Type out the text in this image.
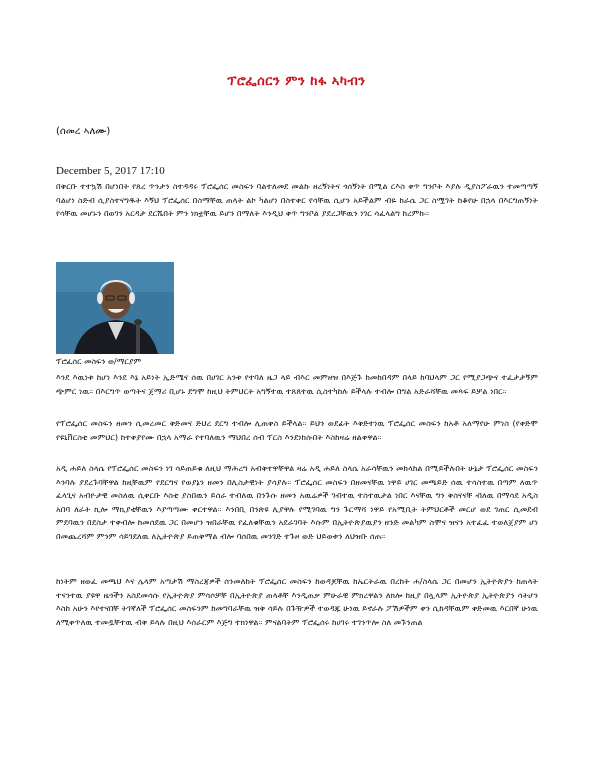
ፕሮፌሰርን ምን ከፋ ኣካብን
(ሰመረ ኣለሙ)
December 5, 2017 17:10

በቅርቡ ተተኳሽ በሆነበት የጸረ ጥንታን ስተዳዳሩ ፕሮፌሰር መስፍን ባልተለመደ መልኩ ዘረኝነትና ጎሰኝነት በሚል ርእስ ቀጥ ግንቦት እያሉ ዲያስፖራዉን ተመጣጣኝ ባልሆነ ስድብ ሲያስተናግዱት እኝህ ፕሮፌሰር በስማቸዉ ጠላት ልኮ ካልሆነ በስተቀር የሳቸዉ ሲሆን አይችልም ብዬ ከራሴ ጋር ስሟገት ከቆየሁ በኋላ በእርግጠኝነት የሳቸዉ መሆኑን በወገን አርዳታ ደርሼበት ምን ነክቷቸዉ ይሆን በማለት እንዲህ ቀጥ ግንቦል ያደረጋቸዉን ነገር ሳፈላልግ ከረምኩ።

ፕሮፈሰር መስፍን ወ/ማርያም

እንደ እዉነቱ ከሆነ እንደ እኔ አይነት ኢድሜና ሰዉ በሀገር አንቱ የተባለ ዜጋ ላይ ብእር መምዘዝ በእጅጉ ከመከበዳም በላይ ከባህላም ጋር የሚያጋጭና ተፈታታኝም ጭምር ነዉ። በእርግጥ ወጣትና ጀማሪ ቢሆኑ ደግሞ ከዚህ ትምህርት አግኝተዉ ተጸጸተዉ ሲስተካከሉ ይችላሉ ተብሎ በግል አድራሻቸዉ መጻፍ ይቻል ነበር።

የፕሮፌሰር መስፍን ዘመን ሲመረመር ቅድመና ድህረ ደርግ ተብሎ ሊጠቀስ ይችላል። ይህን ወደፊት እቅድተነዉ ፕሮፌሰር መስፍን ከአቶ አለማየሁ ምነስ (የቀድሞ የዩኒቨርስቲ መምህር) ከተቀያየሙ በኋላ አማራ የተባለዉን ማህበረ ሰብ ፕርስ እንደነከሱበት እስከዛሬ ዘልቀዋል።

አዲ ሐይለ ስላሴ የፕሮፌሰር መስፍን ነገ ሳይጠይቁ ለዚህ ማሕረግ አብቅተዋቸዋል ዛሬ አዲ ሐይለ ስላሴ አራሳቸዉን መከላከል በሚይችሉበት ሁኔታ ፕሮፌሰር መስፍን እንባሉ ያደረጉባቸዋል ከዚቸዉም የደርግና የወያኔን ዘመን በሊስታዊነት ያሳያሉ። ፕሮፌሰር መስፍን በዘመናቸዉ ነዋይ ሀገር መጫይድ ሰዉ ተሳስተዉ በጣም ለዉጥ ፈላጊና አብዮታዊ መስለዉ ሲቀርቡ እስቲ ያስበዉን ይሰራ ተብለዉ በንጉሱ ዘመን አዉሬዎች ገብተዉ ተስተዉታል ነበር እናቸዉ ግን ቅስናናቸ ብለዉ በማሳደ አዲስ አበባ ለራት ኪሎ ማኪያቲቸዉን እያጣጣሙ ቀርተዋል። እንበቢ በንጽዩ ሊያዋሉ የሚገባዉ ግን ጉርማሻ ነዋይ የአሚቢት ትምህርቶች መርሆ ወደ ገጠር ሲመደብ ምደባዉን በደስታ ተቀብሎ ከመሰደዉ ጋር በመሆን ዝበራቸዉ የፈለቁቸዉን አደራገባት እሱም በኢትዮጵያዉያን ዘንድ መልካም ስሞና ዝናን አተፈፈ ተወለጀያም ሆነ በመጨረሻም ምንም ሳይገደለዉ ለኢትዮጵያ ይጠቅማል ብሎ ባሰበዉ መንገድ ተጉዞ ወድ ህይወቱን ለህዝቡ ሰጠ።

ከነትም ዘወፈ መጫህ እና ሌላም አጣታሽ ማስረጃዎች ሰንመለከት ፕሮፌሰር መስፍን ከወዳጆቸዉ ከኤርትራዉ በረከት ሐ/ስላሴ ጋር በመሆን ኢትዮጵያን ከጠላት ተናንተዉ ያዩዋ ዜጎችን አስደመሳሱ የኢትዮጵያ ምሳሶቻቸ በኢትዮጵያ ጠላቶቸ እንዲጠቃ ምሁራዊ ምክረዋልን ለክሎ ከዚያ በሏላም ኢትዮጵያ ኢትዮጵያን ሳትሆን እስከ አሁን እየተናበቸ ትገኛለች ፕሮፌሰር መስፍንም ከመግባራቸዉ ዝቅ ሳይሉ በጉዥዎች ተወዳጁ ሁነዉ ይኖራሉ ፖሽዎችም ቀን ሲከዳቸዉም ቀድመዉ እርበኛ ሁነዉ ለሚቀጥለዉ ተመዷቸተዉ ብቅ ይላሉ በዚህ እሰራርም እጅግ ተክነዋል። ምናልባትም ፕሮፌሰሩ ከሀገሩ ተገንጥሎ ስለ መጉንጠል
